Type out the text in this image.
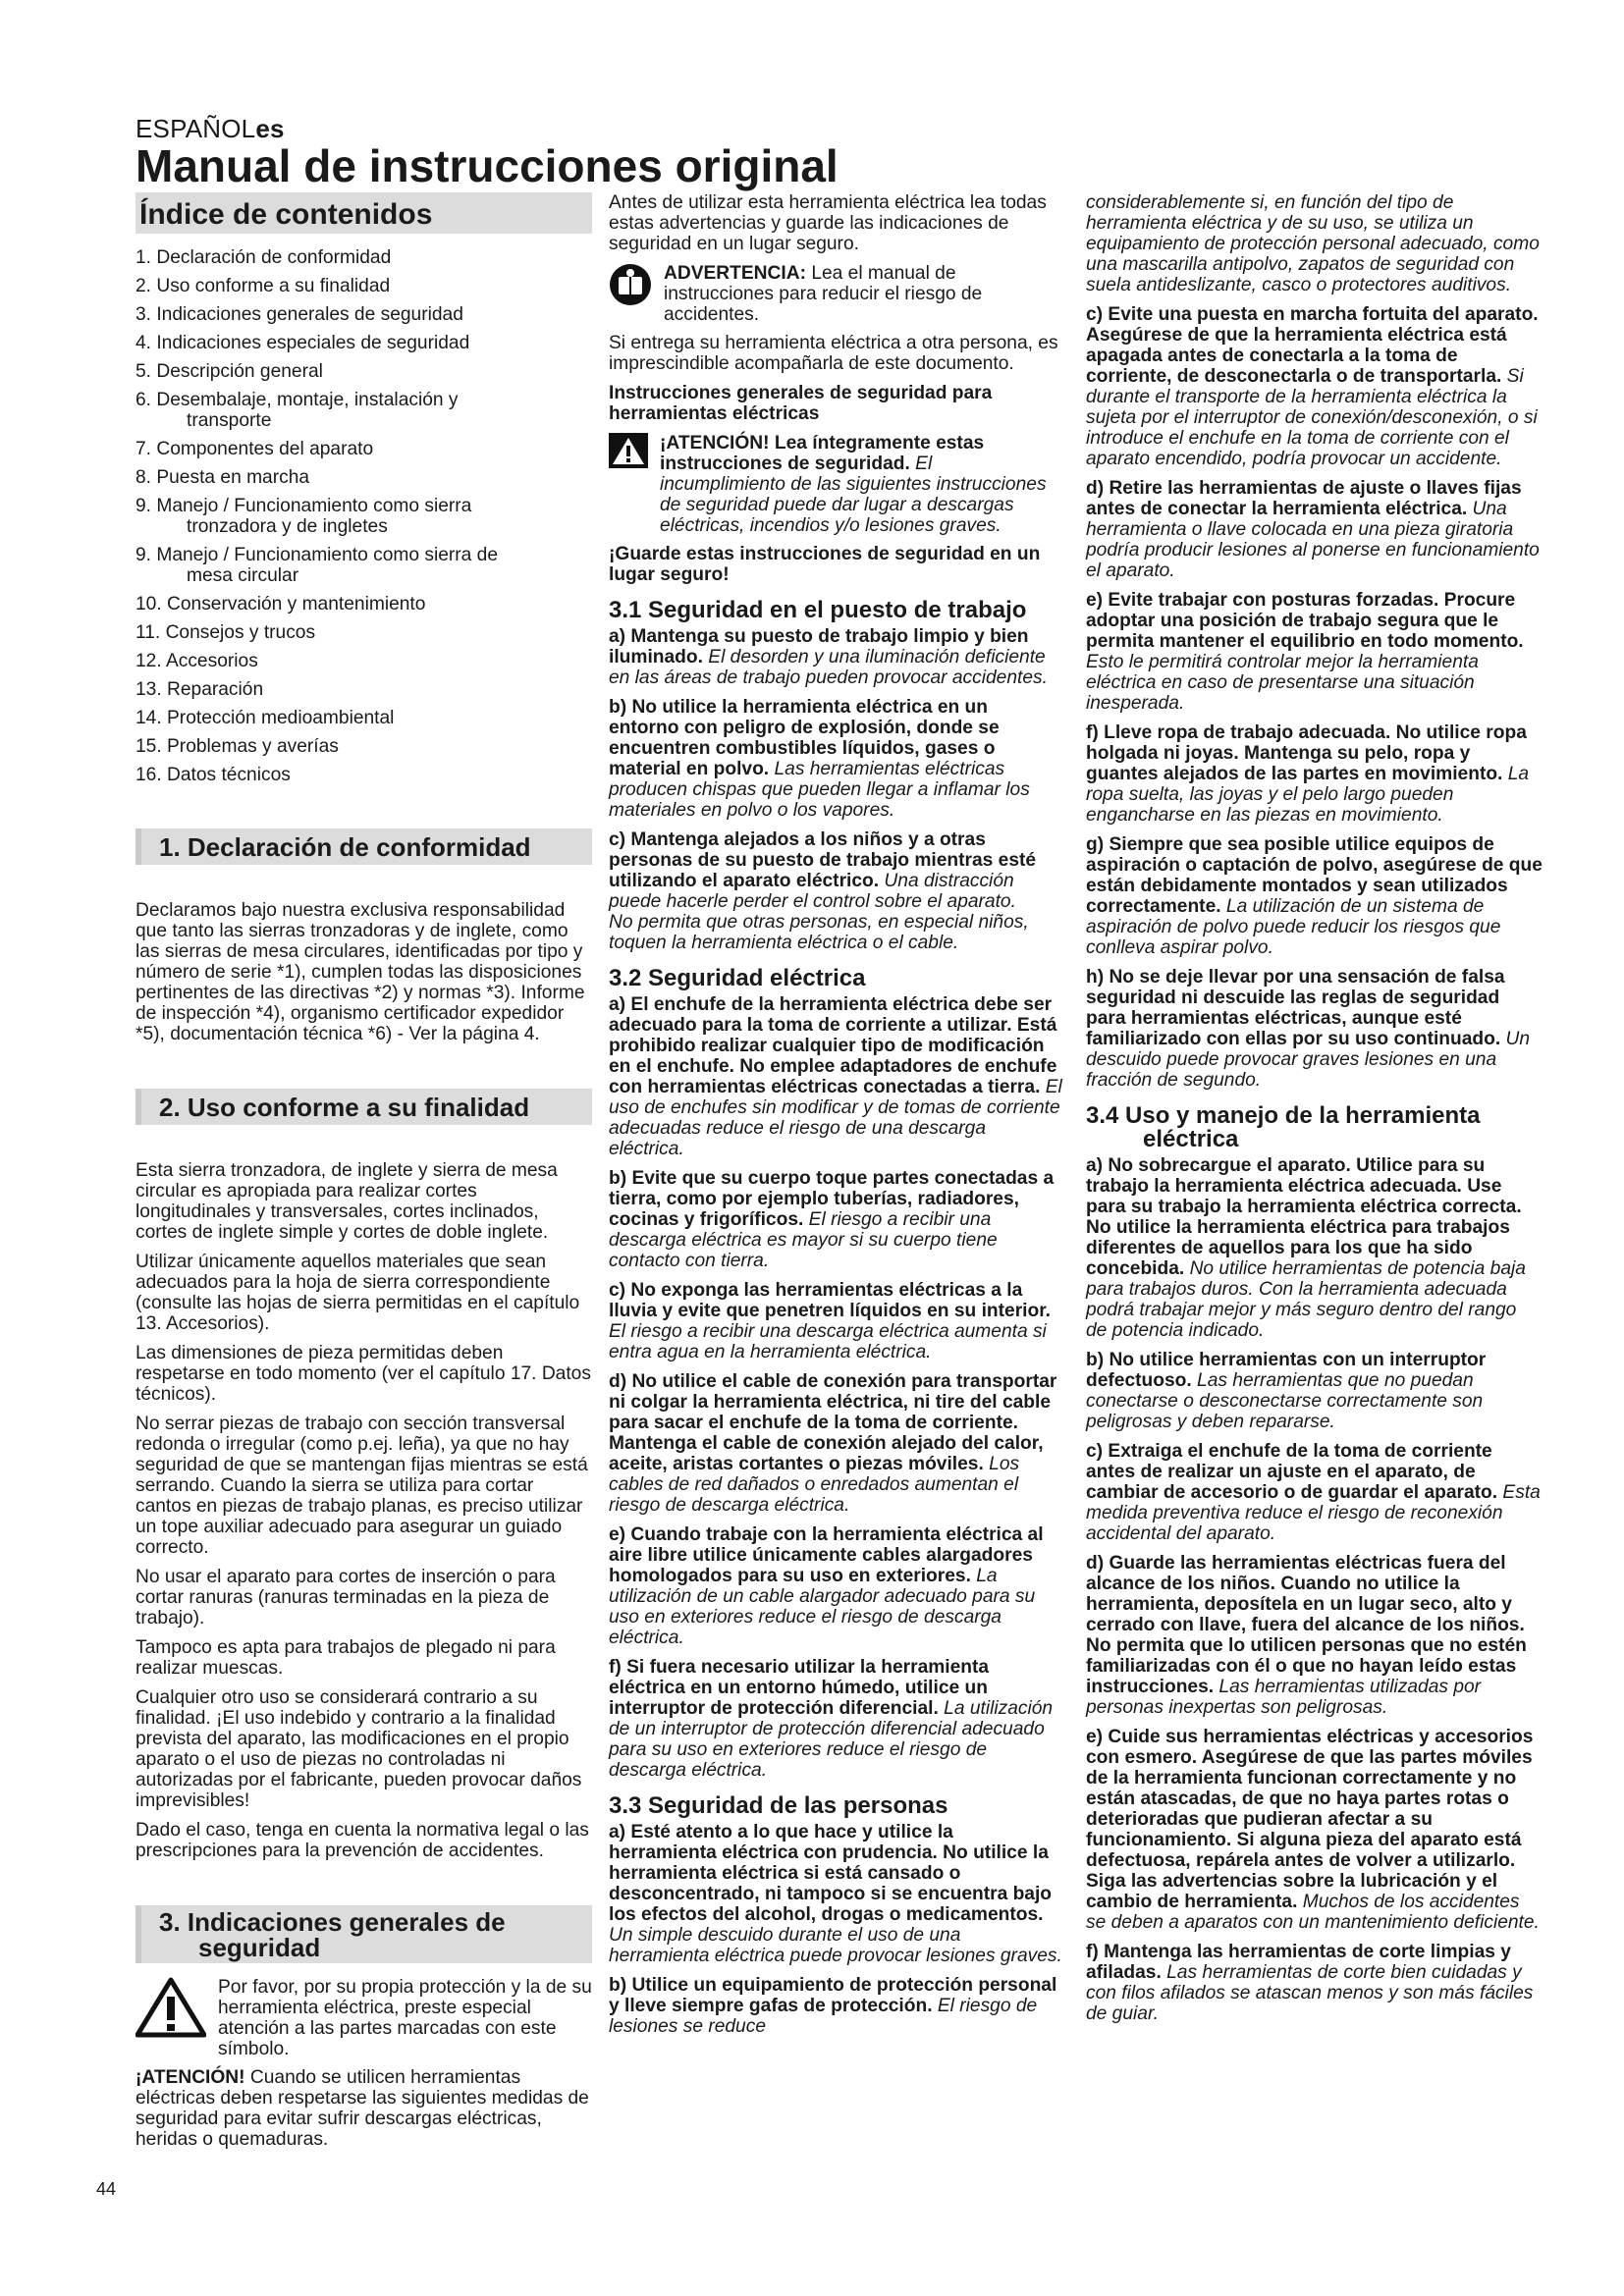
ESPAÑOLes
Manual de instrucciones original
Índice de contenidos
1. Declaración de conformidad
2. Uso conforme a su finalidad
3. Indicaciones generales de seguridad
4. Indicaciones especiales de seguridad
5. Descripción general
6. Desembalaje, montaje, instalación y
transporte
7. Componentes del aparato
8. Puesta en marcha
9. Manejo / Funcionamiento como sierra
tronzadora y de ingletes
9. Manejo / Funcionamiento como sierra de
mesa circular
10. Conservación y mantenimiento
11. Consejos y trucos
12. Accesorios
13. Reparación
14. Protección medioambiental
15. Problemas y averías
16. Datos técnicos
1. Declaración de conformidad

Declaramos bajo nuestra exclusiva responsabilidad que tanto las sierras tronzadoras y de inglete, como las sierras de mesa circulares, identificadas por tipo y número de serie *1), cumplen todas las disposiciones pertinentes de las directivas *2) y normas *3). Informe de inspección *4), organismo certificador expedidor *5), documentación técnica *6) - Ver la página 4.

2. Uso conforme a su finalidad

Esta sierra tronzadora, de inglete y sierra de mesa circular es apropiada para realizar cortes longitudinales y transversales, cortes inclinados, cortes de inglete simple y cortes de doble inglete.

Utilizar únicamente aquellos materiales que sean adecuados para la hoja de sierra correspondiente (consulte las hojas de sierra permitidas en el capítulo 13. Accesorios).

Las dimensiones de pieza permitidas deben respetarse en todo momento (ver el capítulo 17. Datos técnicos).

No serrar piezas de trabajo con sección transversal redonda o irregular (como p.ej. leña), ya que no hay seguridad de que se mantengan fijas mientras se está serrando. Cuando la sierra se utiliza para cortar cantos en piezas de trabajo planas, es preciso utilizar un tope auxiliar adecuado para asegurar un guiado correcto.

No usar el aparato para cortes de inserción o para cortar ranuras (ranuras terminadas en la pieza de trabajo).

Tampoco es apta para trabajos de plegado ni para realizar muescas.

Cualquier otro uso se considerará contrario a su finalidad. ¡El uso indebido y contrario a la finalidad prevista del aparato, las modificaciones en el propio aparato o el uso de piezas no controladas ni autorizadas por el fabricante, pueden provocar daños imprevisibles!

Dado el caso, tenga en cuenta la normativa legal o las prescripciones para la prevención de accidentes.

3. Indicaciones generales de
seguridad
Por favor, por su propia protección y la de su herramienta eléctrica, preste especial atención a las partes marcadas con este símbolo.

¡ATENCIÓN! Cuando se utilicen herramientas eléctricas deben respetarse las siguientes medidas de seguridad para evitar sufrir descargas eléctricas, heridas o quemaduras.

Antes de utilizar esta herramienta eléctrica lea todas estas advertencias y guarde las indicaciones de seguridad en un lugar seguro.

ADVERTENCIA: Lea el manual de instrucciones para reducir el riesgo de accidentes.

Si entrega su herramienta eléctrica a otra persona, es imprescindible acompañarla de este documento.

Instrucciones generales de seguridad para herramientas eléctricas

¡ATENCIÓN! Lea íntegramente estas instrucciones de seguridad. El incumplimiento de las siguientes instrucciones de seguridad puede dar lugar a descargas eléctricas, incendios y/o lesiones graves.

¡Guarde estas instrucciones de seguridad en un lugar seguro!

3.1 Seguridad en el puesto de trabajo

a) Mantenga su puesto de trabajo limpio y bien iluminado. El desorden y una iluminación deficiente en las áreas de trabajo pueden provocar accidentes.

b) No utilice la herramienta eléctrica en un entorno con peligro de explosión, donde se encuentren combustibles líquidos, gases o material en polvo. Las herramientas eléctricas producen chispas que pueden llegar a inflamar los materiales en polvo o los vapores.

c) Mantenga alejados a los niños y a otras personas de su puesto de trabajo mientras esté utilizando el aparato eléctrico. Una distracción puede hacerle perder el control sobre el aparato.
No permita que otras personas, en especial niños, toquen la herramienta eléctrica o el cable.

3.2 Seguridad eléctrica

a) El enchufe de la herramienta eléctrica debe ser adecuado para la toma de corriente a utilizar. Está prohibido realizar cualquier tipo de modificación en el enchufe. No emplee adaptadores de enchufe con herramientas eléctricas conectadas a tierra. El uso de enchufes sin modificar y de tomas de corriente adecuadas reduce el riesgo de una descarga eléctrica.

b) Evite que su cuerpo toque partes conectadas a tierra, como por ejemplo tuberías, radiadores, cocinas y frigoríficos. El riesgo a recibir una descarga eléctrica es mayor si su cuerpo tiene contacto con tierra.

c) No exponga las herramientas eléctricas a la lluvia y evite que penetren líquidos en su interior. El riesgo a recibir una descarga eléctrica aumenta si entra agua en la herramienta eléctrica.

d) No utilice el cable de conexión para transportar ni colgar la herramienta eléctrica, ni tire del cable para sacar el enchufe de la toma de corriente. Mantenga el cable de conexión alejado del calor, aceite, aristas cortantes o piezas móviles. Los cables de red dañados o enredados aumentan el riesgo de descarga eléctrica.

e) Cuando trabaje con la herramienta eléctrica al aire libre utilice únicamente cables alargadores homologados para su uso en exteriores. La utilización de un cable alargador adecuado para su uso en exteriores reduce el riesgo de descarga eléctrica.

f) Si fuera necesario utilizar la herramienta eléctrica en un entorno húmedo, utilice un interruptor de protección diferencial. La utilización de un interruptor de protección diferencial adecuado para su uso en exteriores reduce el riesgo de descarga eléctrica.

3.3 Seguridad de las personas

a) Esté atento a lo que hace y utilice la herramienta eléctrica con prudencia. No utilice la herramienta eléctrica si está cansado o desconcentrado, ni tampoco si se encuentra bajo los efectos del alcohol, drogas o medicamentos. Un simple descuido durante el uso de una herramienta eléctrica puede provocar lesiones graves.

b) Utilice un equipamiento de protección personal y lleve siempre gafas de protección. El riesgo de lesiones se reduce

considerablemente si, en función del tipo de herramienta eléctrica y de su uso, se utiliza un equipamiento de protección personal adecuado, como una mascarilla antipolvo, zapatos de seguridad con suela antideslizante, casco o protectores auditivos.

c) Evite una puesta en marcha fortuita del aparato. Asegúrese de que la herramienta eléctrica está apagada antes de conectarla a la toma de corriente, de desconectarla o de transportarla. Si durante el transporte de la herramienta eléctrica la sujeta por el interruptor de conexión/desconexión, o si introduce el enchufe en la toma de corriente con el aparato encendido, podría provocar un accidente.

d) Retire las herramientas de ajuste o llaves fijas antes de conectar la herramienta eléctrica. Una herramienta o llave colocada en una pieza giratoria podría producir lesiones al ponerse en funcionamiento el aparato.

e) Evite trabajar con posturas forzadas. Procure adoptar una posición de trabajo segura que le permita mantener el equilibrio en todo momento. Esto le permitirá controlar mejor la herramienta eléctrica en caso de presentarse una situación inesperada.

f) Lleve ropa de trabajo adecuada. No utilice ropa holgada ni joyas. Mantenga su pelo, ropa y guantes alejados de las partes en movimiento. La ropa suelta, las joyas y el pelo largo pueden engancharse en las piezas en movimiento.

g) Siempre que sea posible utilice equipos de aspiración o captación de polvo, asegúrese de que están debidamente montados y sean utilizados correctamente. La utilización de un sistema de aspiración de polvo puede reducir los riesgos que conlleva aspirar polvo.

h) No se deje llevar por una sensación de falsa seguridad ni descuide las reglas de seguridad para herramientas eléctricas, aunque esté familiarizado con ellas por su uso continuado. Un descuido puede provocar graves lesiones en una fracción de segundo.

3.4 Uso y manejo de la herramienta
eléctrica

a) No sobrecargue el aparato. Utilice para su trabajo la herramienta eléctrica adecuada. Use para su trabajo la herramienta eléctrica correcta. No utilice la herramienta eléctrica para trabajos diferentes de aquellos para los que ha sido concebida. No utilice herramientas de potencia baja para trabajos duros. Con la herramienta adecuada podrá trabajar mejor y más seguro dentro del rango de potencia indicado.

b) No utilice herramientas con un interruptor defectuoso. Las herramientas que no puedan conectarse o desconectarse correctamente son peligrosas y deben repararse.

c) Extraiga el enchufe de la toma de corriente antes de realizar un ajuste en el aparato, de cambiar de accesorio o de guardar el aparato. Esta medida preventiva reduce el riesgo de reconexión accidental del aparato.

d) Guarde las herramientas eléctricas fuera del alcance de los niños. Cuando no utilice la herramienta, deposítela en un lugar seco, alto y cerrado con llave, fuera del alcance de los niños. No permita que lo utilicen personas que no estén familiarizadas con él o que no hayan leído estas instrucciones. Las herramientas utilizadas por personas inexpertas son peligrosas.

e) Cuide sus herramientas eléctricas y accesorios con esmero. Asegúrese de que las partes móviles de la herramienta funcionan correctamente y no están atascadas, de que no haya partes rotas o deterioradas que pudieran afectar a su funcionamiento. Si alguna pieza del aparato está defectuosa, repárela antes de volver a utilizarlo. Siga las advertencias sobre la lubricación y el cambio de herramienta. Muchos de los accidentes se deben a aparatos con un mantenimiento deficiente.

f) Mantenga las herramientas de corte limpias y afiladas. Las herramientas de corte bien cuidadas y con filos afilados se atascan menos y son más fáciles de guiar.

44
